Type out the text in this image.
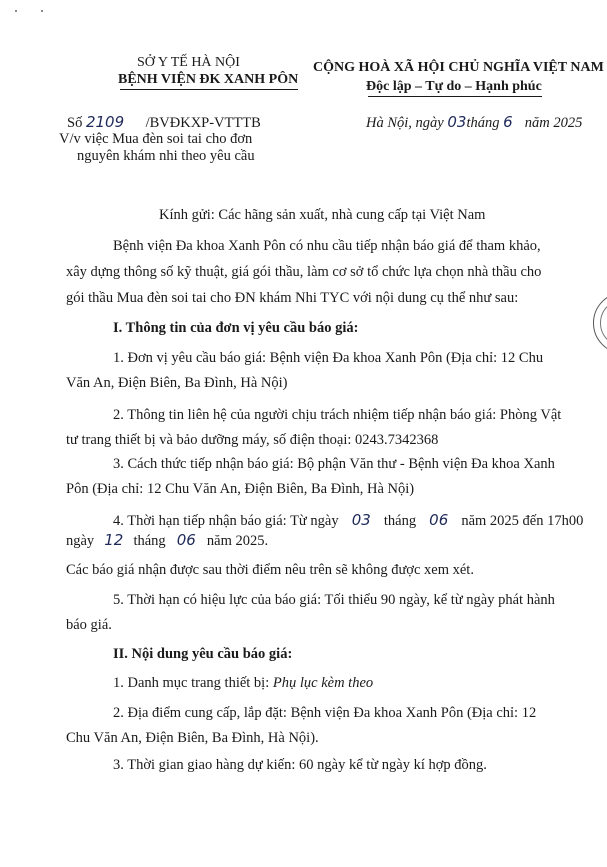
SỞ Y TẾ HÀ NỘI
BỆNH VIỆN ĐK XANH PÔN
CỘNG HOÀ XÃ HỘI CHỦ NGHĨA VIỆT NAM
Độc lập – Tự do – Hạnh phúc
Số 2109 /BVĐKXP-VTTTB
V/v việc Mua đèn soi tai cho đơn
nguyên khám nhi theo yêu cầu
Hà Nội, ngày 03tháng 6 năm 2025
Kính gửi: Các hãng sản xuất, nhà cung cấp tại Việt Nam
Bệnh viện Đa khoa Xanh Pôn có nhu cầu tiếp nhận báo giá để tham khảo,
xây dựng thông số kỹ thuật, giá gói thầu, làm cơ sở tổ chức lựa chọn nhà thầu cho
gói thầu Mua đèn soi tai cho ĐN khám Nhi TYC với nội dung cụ thể như sau:
I. Thông tin của đơn vị yêu cầu báo giá:
1. Đơn vị yêu cầu báo giá: Bệnh viện Đa khoa Xanh Pôn (Địa chỉ: 12 Chu
Văn An, Điện Biên, Ba Đình, Hà Nội)
2. Thông tin liên hệ của người chịu trách nhiệm tiếp nhận báo giá: Phòng Vật
tư trang thiết bị và bảo dưỡng máy, số điện thoại: 0243.7342368
3. Cách thức tiếp nhận báo giá: Bộ phận Văn thư - Bệnh viện Đa khoa Xanh
Pôn (Địa chỉ: 12 Chu Văn An, Điện Biên, Ba Đình, Hà Nội)
4. Thời hạn tiếp nhận báo giá: Từ ngày 03 tháng 06 năm 2025 đến 17h00
ngày 12 tháng 06 năm 2025.
Các báo giá nhận được sau thời điểm nêu trên sẽ không được xem xét.
5. Thời hạn có hiệu lực của báo giá: Tối thiểu 90 ngày, kể từ ngày phát hành
báo giá.
II. Nội dung yêu cầu báo giá:
1. Danh mục trang thiết bị: Phụ lục kèm theo
2. Địa điểm cung cấp, lắp đặt: Bệnh viện Đa khoa Xanh Pôn (Địa chỉ: 12
Chu Văn An, Điện Biên, Ba Đình, Hà Nội).
3. Thời gian giao hàng dự kiến: 60 ngày kể từ ngày kí hợp đồng.
